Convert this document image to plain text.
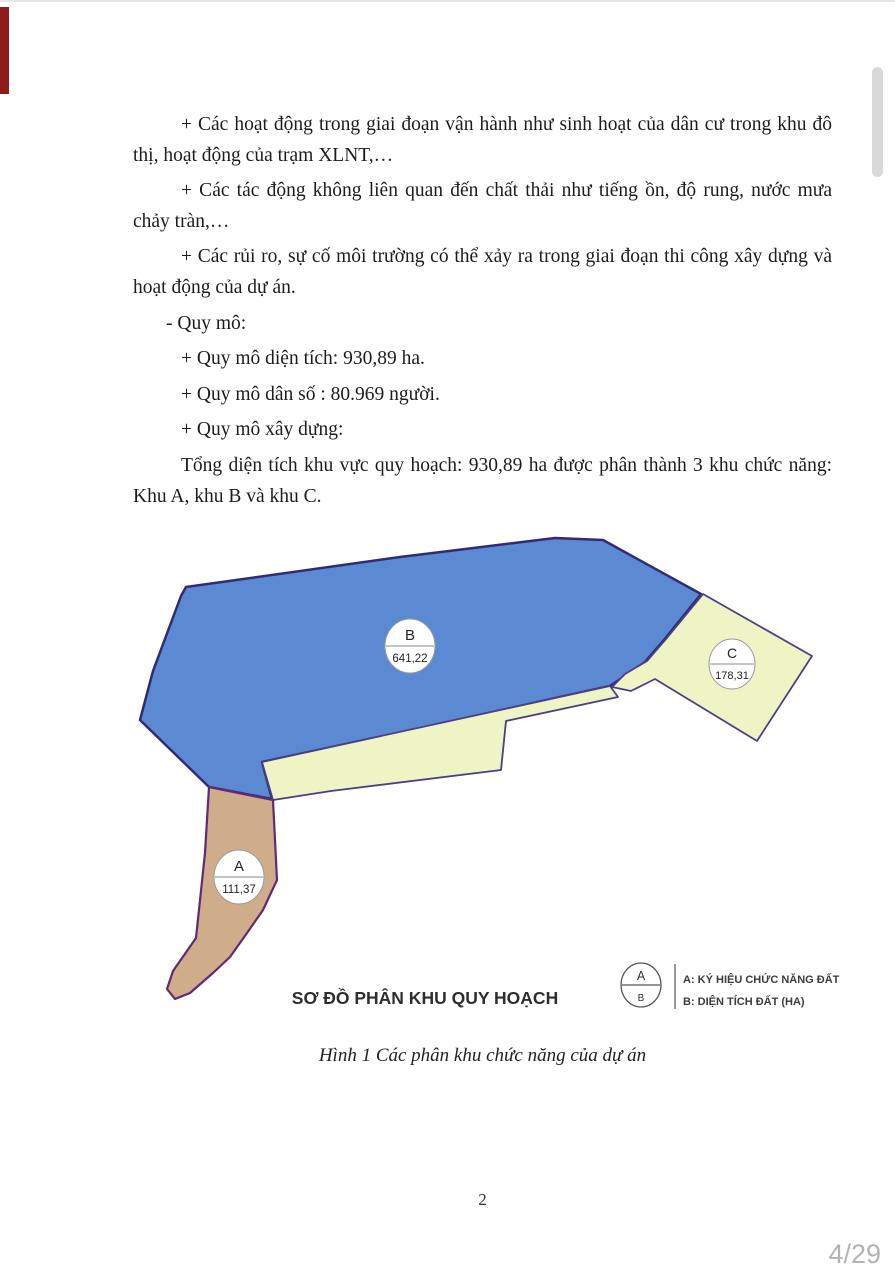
+ Các hoạt động trong giai đoạn vận hành như sinh hoạt của dân cư trong khu đô thị, hoạt động của trạm XLNT,…

+ Các tác động không liên quan đến chất thải như tiếng ồn, độ rung, nước mưa chảy tràn,…

+ Các rủi ro, sự cố môi trường có thể xảy ra trong giai đoạn thi công xây dựng và hoạt động của dự án.

- Quy mô:

+ Quy mô diện tích: 930,89 ha.

+ Quy mô dân số : 80.969 người.

+ Quy mô xây dựng:

Tổng diện tích khu vực quy hoạch: 930,89 ha được phân thành 3 khu chức năng: Khu A, khu B và khu C.

B
641,22	C
178,31
A
111,37
SƠ ĐỒ PHÂN KHU QUY HOẠCH
A
B
A: KÝ HIỆU CHỨC NĂNG ĐẤT
B: DIỆN TÍCH ĐẤT (HA)
Hình 1 Các phân khu chức năng của dự án
2
4/29
